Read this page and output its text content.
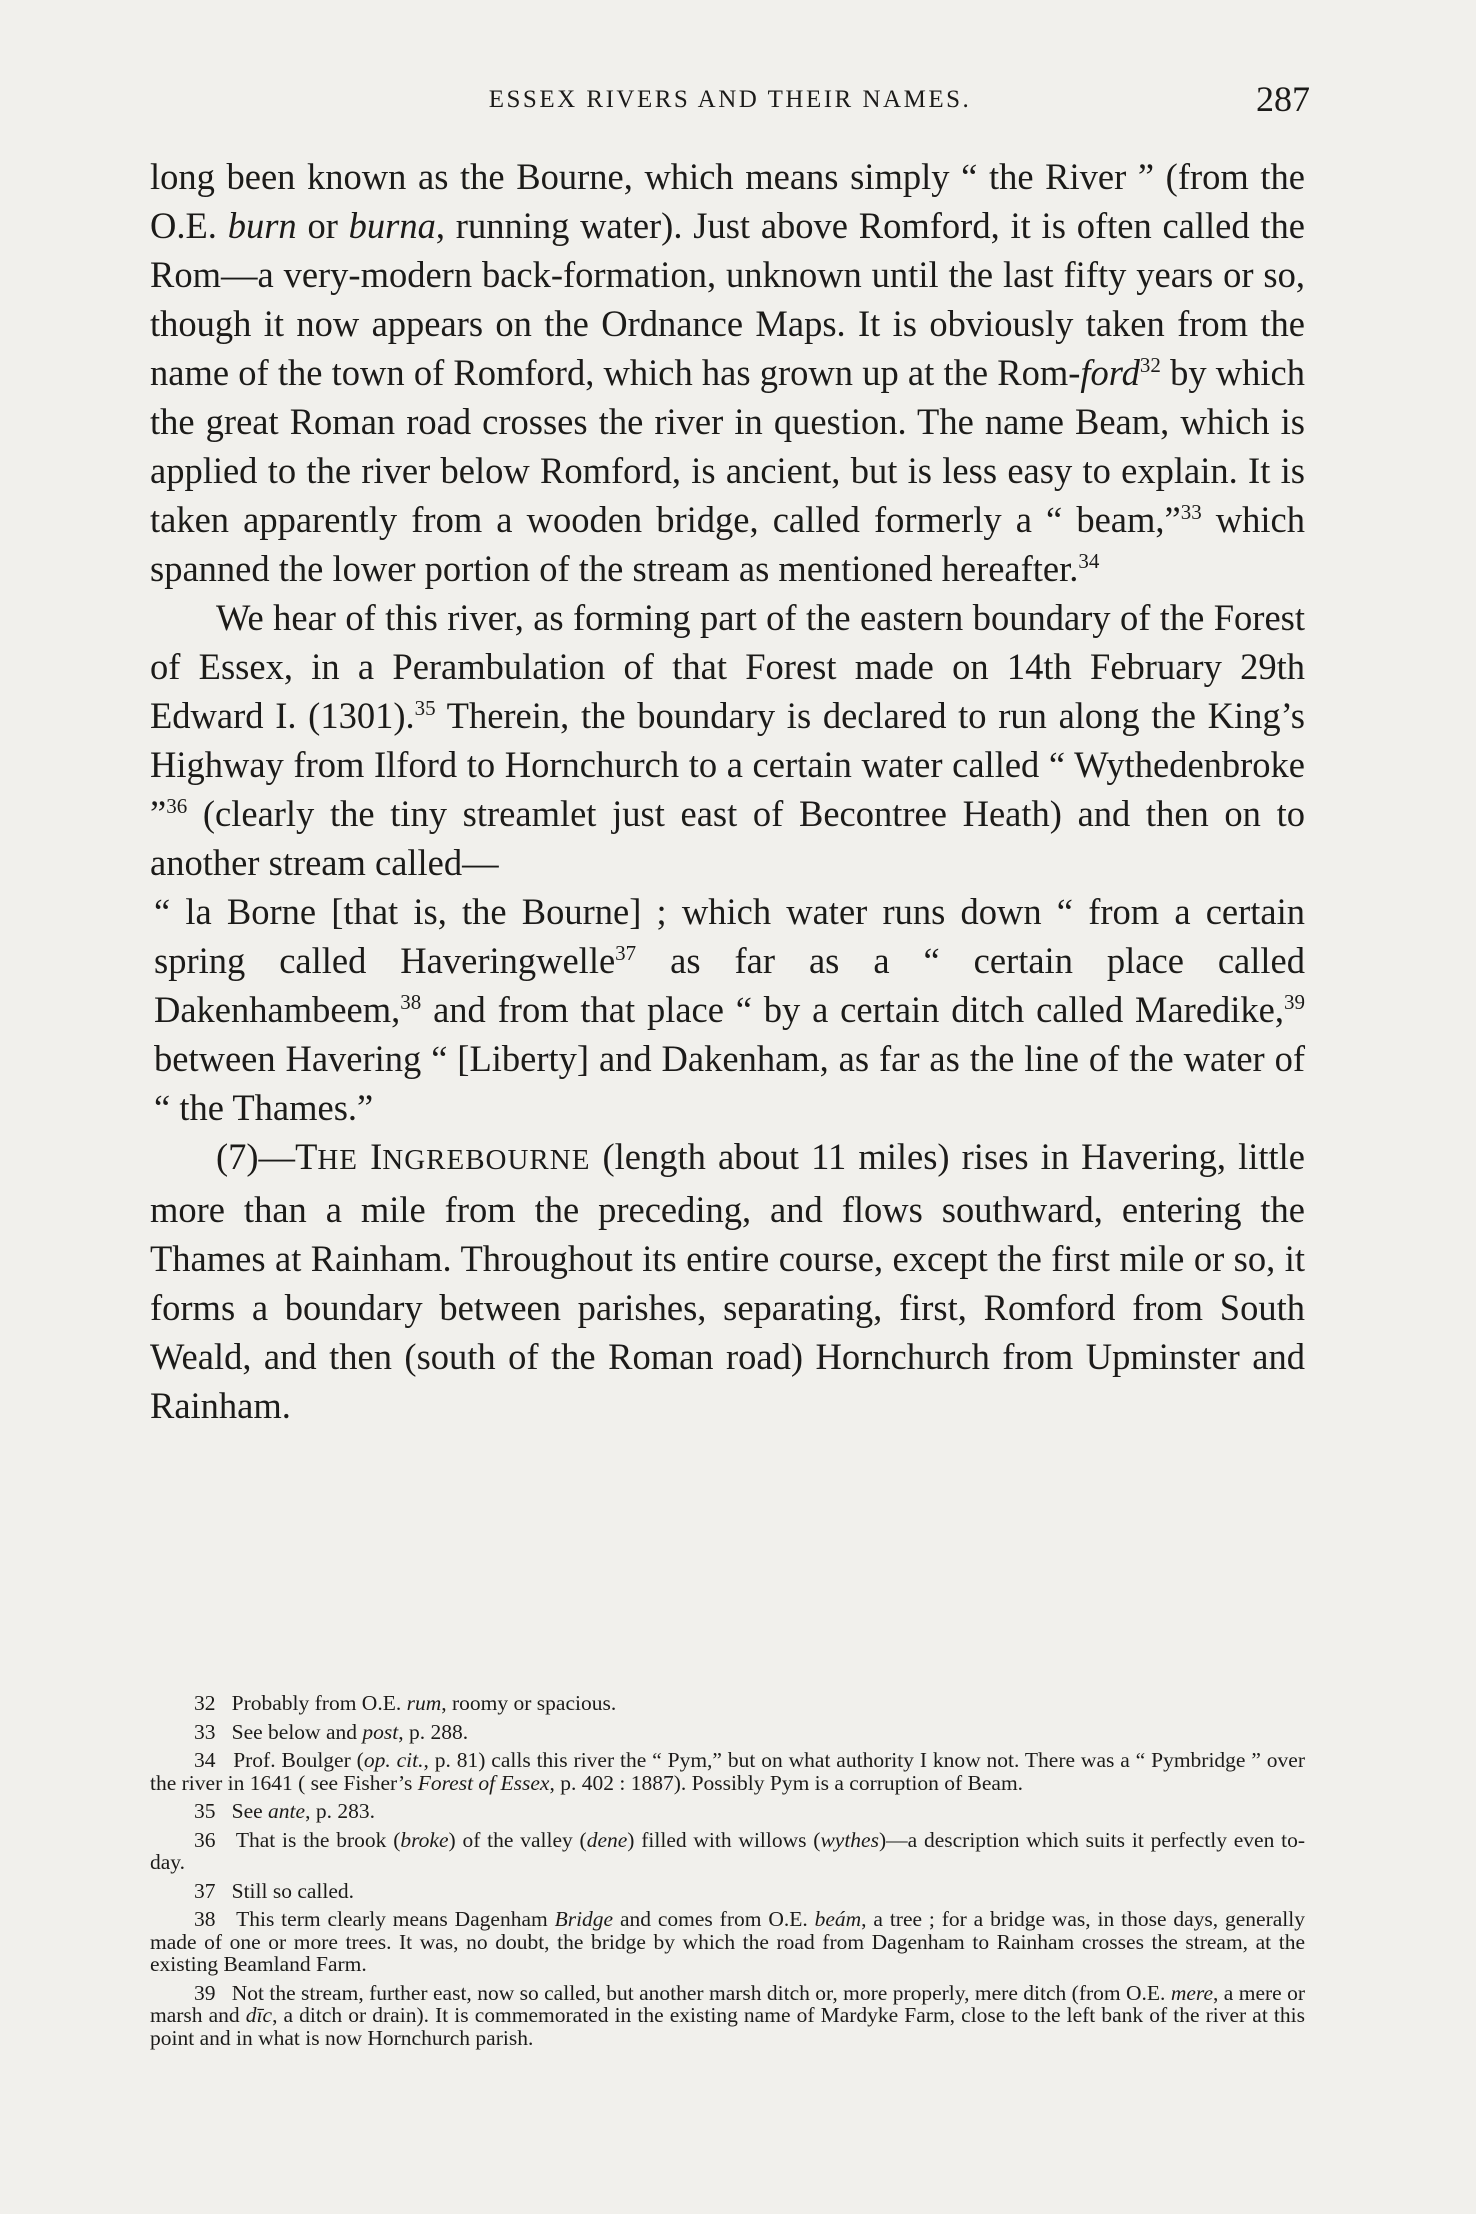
ESSEX RIVERS AND THEIR NAMES.	287

long been known as the Bourne, which means simply “ the River ” (from the O.E. burn or burna, running water). Just above Romford, it is often called the Rom—a very-modern back-formation, unknown until the last fifty years or so, though it now appears on the Ordnance Maps. It is obviously taken from the name of the town of Romford, which has grown up at the Rom-ford$^{32}$ by which the great Roman road crosses the river in question. The name Beam, which is applied to the river below Romford, is ancient, but is less easy to explain. It is taken apparently from a wooden bridge, called formerly a “ beam,”$^{33}$ which spanned the lower portion of the stream as mentioned hereafter.$^{34}$

We hear of this river, as forming part of the eastern boundary of the Forest of Essex, in a Perambulation of that Forest made on 14th February 29th Edward I. (1301).$^{35}$ Therein, the boundary is declared to run along the King’s Highway from Ilford to Hornchurch to a certain water called “ Wythedenbroke ”$^{36}$ (clearly the tiny streamlet just east of Becontree Heath) and then on to another stream called—

“ la Borne [that is, the Bourne] ; which water runs down “ from a certain spring called Haveringwelle$^{37}$ as far as a “ certain place called Dakenhambeem,$^{38}$ and from that place “ by a certain ditch called Maredike,$^{39}$ between Havering “ [Liberty] and Dakenham, as far as the line of the water of “ the Thames.”

(7)—THE INGREBOURNE (length about 11 miles) rises in Havering, little more than a mile from the preceding, and flows southward, entering the Thames at Rainham. Throughout its entire course, except the first mile or so, it forms a boundary between parishes, separating, first, Romford from South Weald, and then (south of the Roman road) Hornchurch from Upminster and Rainham.

32 Probably from O.E. rum, roomy or spacious.

33 See below and post, p. 288.

34 Prof. Boulger (op. cit., p. 81) calls this river the “ Pym,” but on what authority I know not. There was a “ Pymbridge ” over the river in 1641 ( see Fisher’s Forest of Essex, p. 402 : 1887). Possibly Pym is a corruption of Beam.

35 See ante, p. 283.

36 That is the brook (broke) of the valley (dene) filled with willows (wythes)—a description which suits it perfectly even to-day.

37 Still so called.

38 This term clearly means Dagenham Bridge and comes from O.E. beám, a tree ; for a bridge was, in those days, generally made of one or more trees. It was, no doubt, the bridge by which the road from Dagenham to Rainham crosses the stream, at the existing Beamland Farm.

39 Not the stream, further east, now so called, but another marsh ditch or, more properly, mere ditch (from O.E. mere, a mere or marsh and dīc, a ditch or drain). It is commemorated in the existing name of Mardyke Farm, close to the left bank of the river at this point and in what is now Hornchurch parish.
